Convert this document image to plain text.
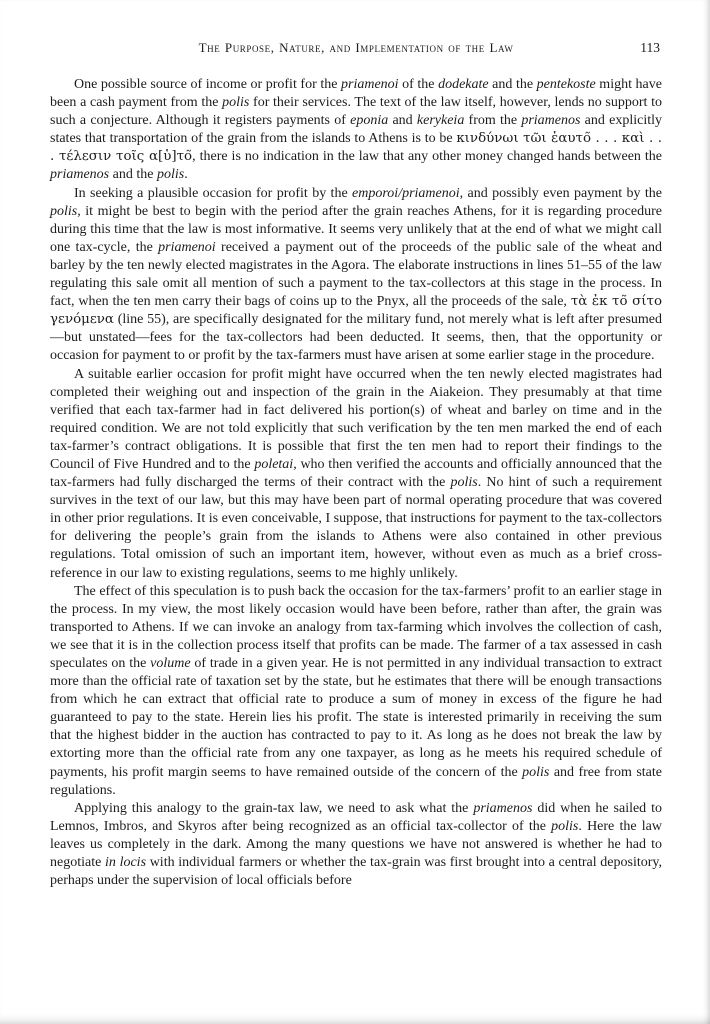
The Purpose, Nature, and Implementation of the Law	113

One possible source of income or profit for the priamenoi of the dodekate and the pentekoste might have been a cash payment from the polis for their services. The text of the law itself, however, lends no support to such a conjecture. Although it registers payments of eponia and kerykeia from the priamenos and explicitly states that transportation of the grain from the islands to Athens is to be κινδύνωι τῶι ἑαυτο̃ . . . καὶ . . . τέλεσιν τοῖς α[ὑ]το̃, there is no indication in the law that any other money changed hands between the priamenos and the polis.

In seeking a plausible occasion for profit by the emporoi/priamenoi, and possibly even payment by the polis, it might be best to begin with the period after the grain reaches Athens, for it is regarding procedure during this time that the law is most informative. It seems very unlikely that at the end of what we might call one tax-cycle, the priamenoi received a payment out of the proceeds of the public sale of the wheat and barley by the ten newly elected magistrates in the Agora. The elaborate instructions in lines 51–55 of the law regulating this sale omit all mention of such a payment to the tax-collectors at this stage in the process. In fact, when the ten men carry their bags of coins up to the Pnyx, all the proceeds of the sale, τὰ ἐκ το̃ σίτο γενόμενα (line 55), are specifically designated for the military fund, not merely what is left after presumed—but unstated—fees for the tax-collectors had been deducted. It seems, then, that the opportunity or occasion for payment to or profit by the tax-farmers must have arisen at some earlier stage in the procedure.

A suitable earlier occasion for profit might have occurred when the ten newly elected magistrates had completed their weighing out and inspection of the grain in the Aiakeion. They presumably at that time verified that each tax-farmer had in fact delivered his portion(s) of wheat and barley on time and in the required condition. We are not told explicitly that such verification by the ten men marked the end of each tax-farmer’s contract obligations. It is possible that first the ten men had to report their findings to the Council of Five Hundred and to the poletai, who then verified the accounts and officially announced that the tax-farmers had fully discharged the terms of their contract with the polis. No hint of such a requirement survives in the text of our law, but this may have been part of normal operating procedure that was covered in other prior regulations. It is even conceivable, I suppose, that instructions for payment to the tax-collectors for delivering the people’s grain from the islands to Athens were also contained in other previous regulations. Total omission of such an important item, however, without even as much as a brief cross-reference in our law to existing regulations, seems to me highly unlikely.

The effect of this speculation is to push back the occasion for the tax-farmers’ profit to an earlier stage in the process. In my view, the most likely occasion would have been before, rather than after, the grain was transported to Athens. If we can invoke an analogy from tax-farming which involves the collection of cash, we see that it is in the collection process itself that profits can be made. The farmer of a tax assessed in cash speculates on the volume of trade in a given year. He is not permitted in any individual transaction to extract more than the official rate of taxation set by the state, but he estimates that there will be enough transactions from which he can extract that official rate to produce a sum of money in excess of the figure he had guaranteed to pay to the state. Herein lies his profit. The state is interested primarily in receiving the sum that the highest bidder in the auction has contracted to pay to it. As long as he does not break the law by extorting more than the official rate from any one taxpayer, as long as he meets his required schedule of payments, his profit margin seems to have remained outside of the concern of the polis and free from state regulations.

Applying this analogy to the grain-tax law, we need to ask what the priamenos did when he sailed to Lemnos, Imbros, and Skyros after being recognized as an official tax-collector of the polis. Here the law leaves us completely in the dark. Among the many questions we have not answered is whether he had to negotiate in locis with individual farmers or whether the tax-grain was first brought into a central depository, perhaps under the supervision of local officials before
